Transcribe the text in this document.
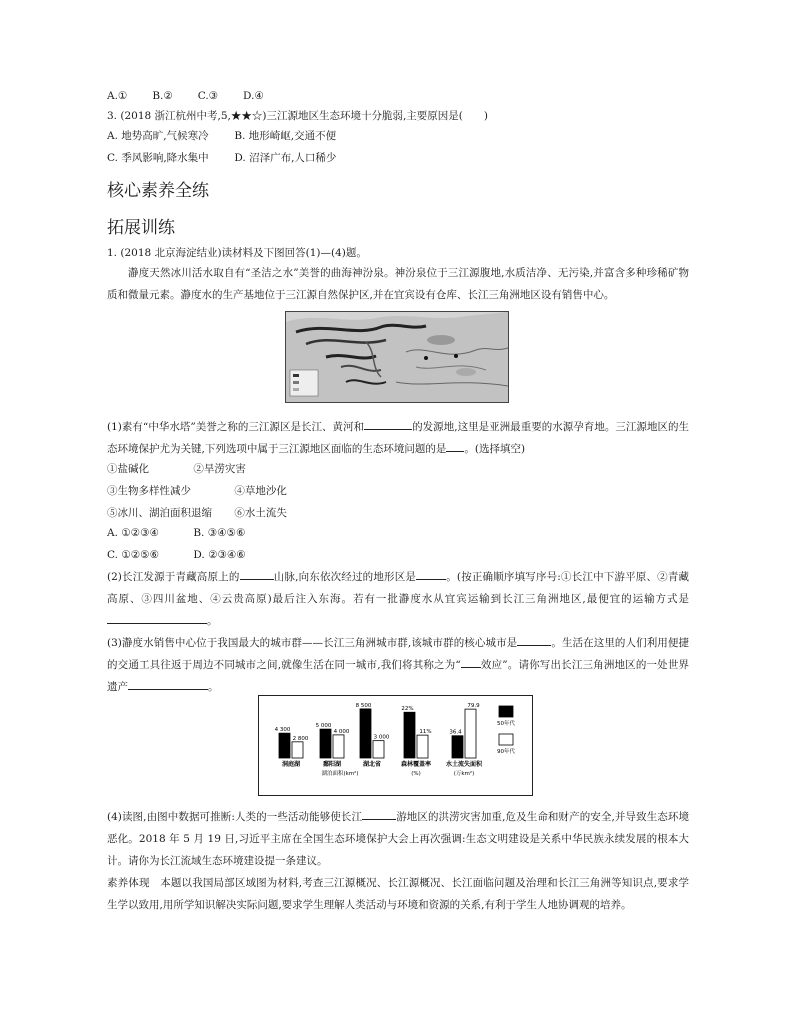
A.① B.② C.③ D.④
3. (2018 浙江杭州中考,5,★★☆)三江源地区生态环境十分脆弱,主要原因是(　　)
A. 地势高旷,气候寒冷 B. 地形崎岖,交通不便
C. 季风影响,降水集中 D. 沼泽广布,人口稀少
核心素养全练
拓展训练
1. (2018 北京海淀结业)读材料及下图回答(1)—(4)题。
瀞度天然冰川活水取自有“圣洁之水”美誉的曲海神汾泉。神汾泉位于三江源腹地,水质洁净、无污染,并富含多种珍稀矿物质和微量元素。瀞度水的生产基地位于三江源自然保护区,并在宜宾设有仓库、长江三角洲地区设有销售中心。
(1)素有“中华水塔”美誉之称的三江源区是长江、黄河和	的发源地,这里是亚洲最重要的水源孕育地。三江源地区的生态环境保护尤为关键,下列选项中属于三江源地区面临的生态环境问题的是 。(选择填空)
①盐碱化	②旱涝灾害
③生物多样性减少	④草地沙化
⑤冰川、湖泊面积退缩 ⑥水土流失
A. ①②③④	B. ③④⑤⑥
C. ①②⑤⑥	D. ②③④⑥
(2)长江发源于青藏高原上的	山脉,向东依次经过的地形区是	。(按正确顺序填写序号:①长江中下游平原、②青藏高原、③四川盆地、④云贵高原)最后注入东海。若有一批瀞度水从宜宾运输到长江三角洲地区,最便宜的运输方式是。
(3)瀞度水销售中心位于我国最大的城市群——长江三角洲城市群,该城市群的核心城市是	。生活在这里的人们利用便捷的交通工具往返于周边不同城市之间,就像生活在同一城市,我们将其称之为“ 效应”。请你写出长江三角洲地区的一处世界遗产	。
4 300
2 800
洞庭湖
5 000
4 000
鄱阳湖
8 500
3 000
湖北省
22%
11%
森林覆盖率
36.4
79.9
水土流失面积
湖泊面积(km²)	(%)	(万km²)
50年代
90年代
(4)读图,由图中数据可推断:人类的一些活动能够使长江	游地区的洪涝灾害加重,危及生命和财产的安全,并导致生态环境恶化。2018 年 5 月 19 日,习近平主席在全国生态环境保护大会上再次强调:生态文明建设是关系中华民族永续发展的根本大计。请你为长江流域生态环境建设提一条建议。
素养体现　本题以我国局部区域图为材料,考查三江源概况、长江源概况、长江面临问题及治理和长江三角洲等知识点,要求学生学以致用,用所学知识解决实际问题,要求学生理解人类活动与环境和资源的关系,有利于学生人地协调观的培养。
